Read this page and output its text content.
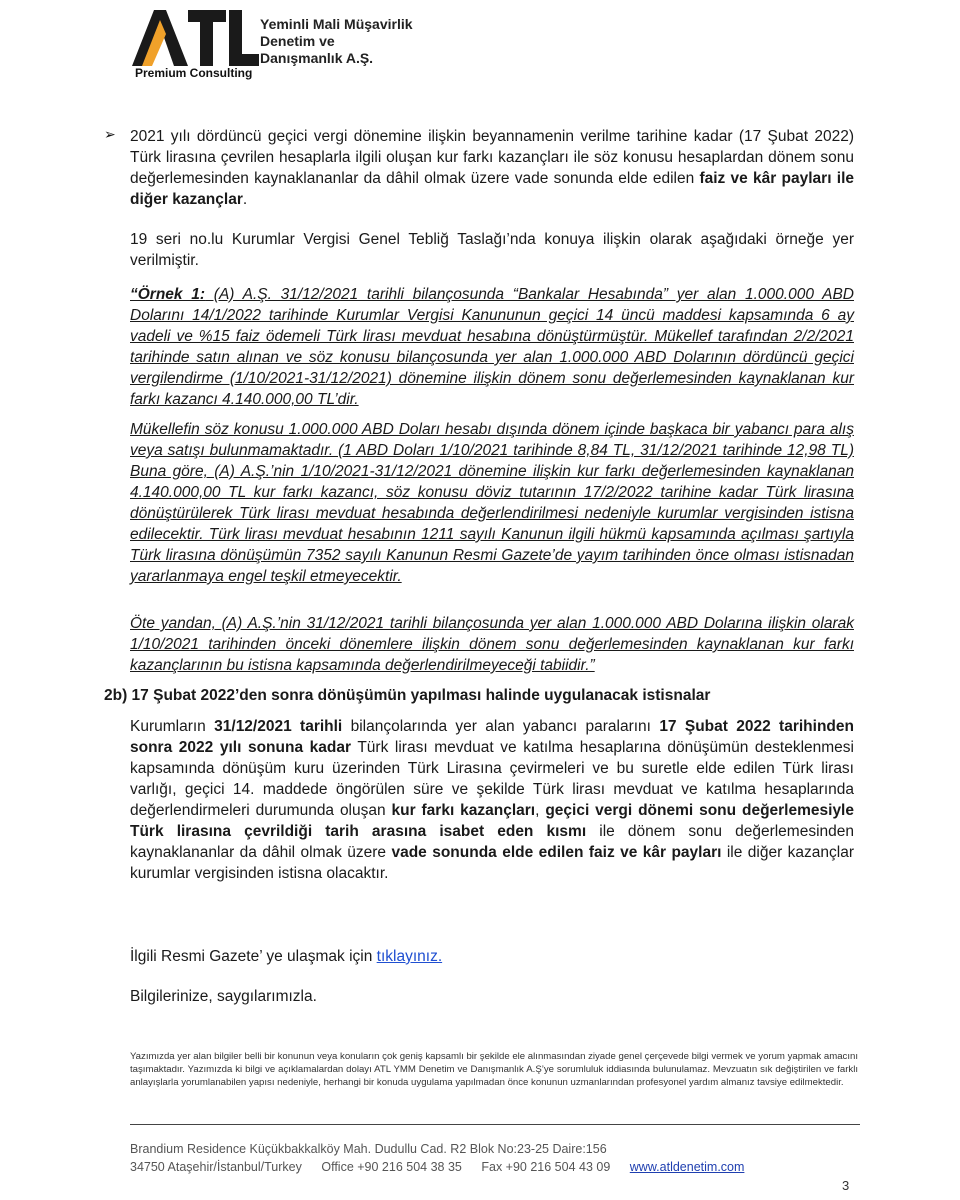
Premium Consulting
Yeminli Mali Müşavirlik
Denetim ve
Danışmanlık A.Ş.
➢ 2021 yılı dördüncü geçici vergi dönemine ilişkin beyannamenin verilme tarihine kadar (17 Şubat 2022) Türk lirasına çevrilen hesaplarla ilgili oluşan kur farkı kazançları ile söz konusu hesaplardan dönem sonu değerlemesinden kaynaklananlar da dâhil olmak üzere vade sonunda elde edilen faiz ve kâr payları ile diğer kazançlar.
19 seri no.lu Kurumlar Vergisi Genel Tebliğ Taslağı’nda konuya ilişkin olarak aşağıdaki örneğe yer verilmiştir.
“Örnek 1: (A) A.Ş. 31/12/2021 tarihli bilançosunda “Bankalar Hesabında” yer alan 1.000.000 ABD Dolarını 14/1/2022 tarihinde Kurumlar Vergisi Kanununun geçici 14 üncü maddesi kapsamında 6 ay vadeli ve %15 faiz ödemeli Türk lirası mevduat hesabına dönüştürmüştür. Mükellef tarafından 2/2/2021 tarihinde satın alınan ve söz konusu bilançosunda yer alan 1.000.000 ABD Dolarının dördüncü geçici vergilendirme (1/10/2021-31/12/2021) dönemine ilişkin dönem sonu değerlemesinden kaynaklanan kur farkı kazancı 4.140.000,00 TL’dir.
Mükellefin söz konusu 1.000.000 ABD Doları hesabı dışında dönem içinde başkaca bir yabancı para alış veya satışı bulunmamaktadır. (1 ABD Doları 1/10/2021 tarihinde 8,84 TL, 31/12/2021 tarihinde 12,98 TL) Buna göre, (A) A.Ş.’nin 1/10/2021-31/12/2021 dönemine ilişkin kur farkı değerlemesinden kaynaklanan 4.140.000,00 TL kur farkı kazancı, söz konusu döviz tutarının 17/2/2022 tarihine kadar Türk lirasına dönüştürülerek Türk lirası mevduat hesabında değerlendirilmesi nedeniyle kurumlar vergisinden istisna edilecektir. Türk lirası mevduat hesabının 1211 sayılı Kanunun ilgili hükmü kapsamında açılması şartıyla Türk lirasına dönüşümün 7352 sayılı Kanunun Resmi Gazete’de yayım tarihinden önce olması istisnadan yararlanmaya engel teşkil etmeyecektir.
Öte yandan, (A) A.Ş.’nin 31/12/2021 tarihli bilançosunda yer alan 1.000.000 ABD Dolarına ilişkin olarak 1/10/2021 tarihinden önceki dönemlere ilişkin dönem sonu değerlemesinden kaynaklanan kur farkı kazançlarının bu istisna kapsamında değerlendirilmeyeceği tabiidir.”
2b) 17 Şubat 2022’den sonra dönüşümün yapılması halinde uygulanacak istisnalar
Kurumların 31/12/2021 tarihli bilançolarında yer alan yabancı paralarını 17 Şubat 2022 tarihinden sonra 2022 yılı sonuna kadar Türk lirası mevduat ve katılma hesaplarına dönüşümün desteklenmesi kapsamında dönüşüm kuru üzerinden Türk Lirasına çevirmeleri ve bu suretle elde edilen Türk lirası varlığı, geçici 14. maddede öngörülen süre ve şekilde Türk lirası mevduat ve katılma hesaplarında değerlendirmeleri durumunda oluşan kur farkı kazançları, geçici vergi dönemi sonu değerlemesiyle Türk lirasına çevrildiği tarih arasına isabet eden kısmı ile dönem sonu değerlemesinden kaynaklananlar da dâhil olmak üzere vade sonunda elde edilen faiz ve kâr payları ile diğer kazançlar kurumlar vergisinden istisna olacaktır.
İlgili Resmi Gazete’ ye ulaşmak için tıklayınız.
Bilgilerinize, saygılarımızla.
Yazımızda yer alan bilgiler belli bir konunun veya konuların çok geniş kapsamlı bir şekilde ele alınmasından ziyade genel çerçevede bilgi vermek ve yorum yapmak amacını taşımaktadır. Yazımızda ki bilgi ve açıklamalardan dolayı ATL YMM Denetim ve Danışmanlık A.Ş’ye sorumluluk iddiasında bulunulamaz. Mevzuatın sık değiştirilen ve farklı anlayışlarla yorumlanabilen yapısı nedeniyle, herhangi bir konuda uygulama yapılmadan önce konunun uzmanlarından profesyonel yardım almanız tavsiye edilmektedir.
Brandium Residence Küçükbakkalköy Mah. Dudullu Cad. R2 Blok No:23-25 Daire:156
34750 Ataşehir/İstanbul/Turkey Office +90 216 504 38 35 Fax +90 216 504 43 09 www.atldenetim.com
3
